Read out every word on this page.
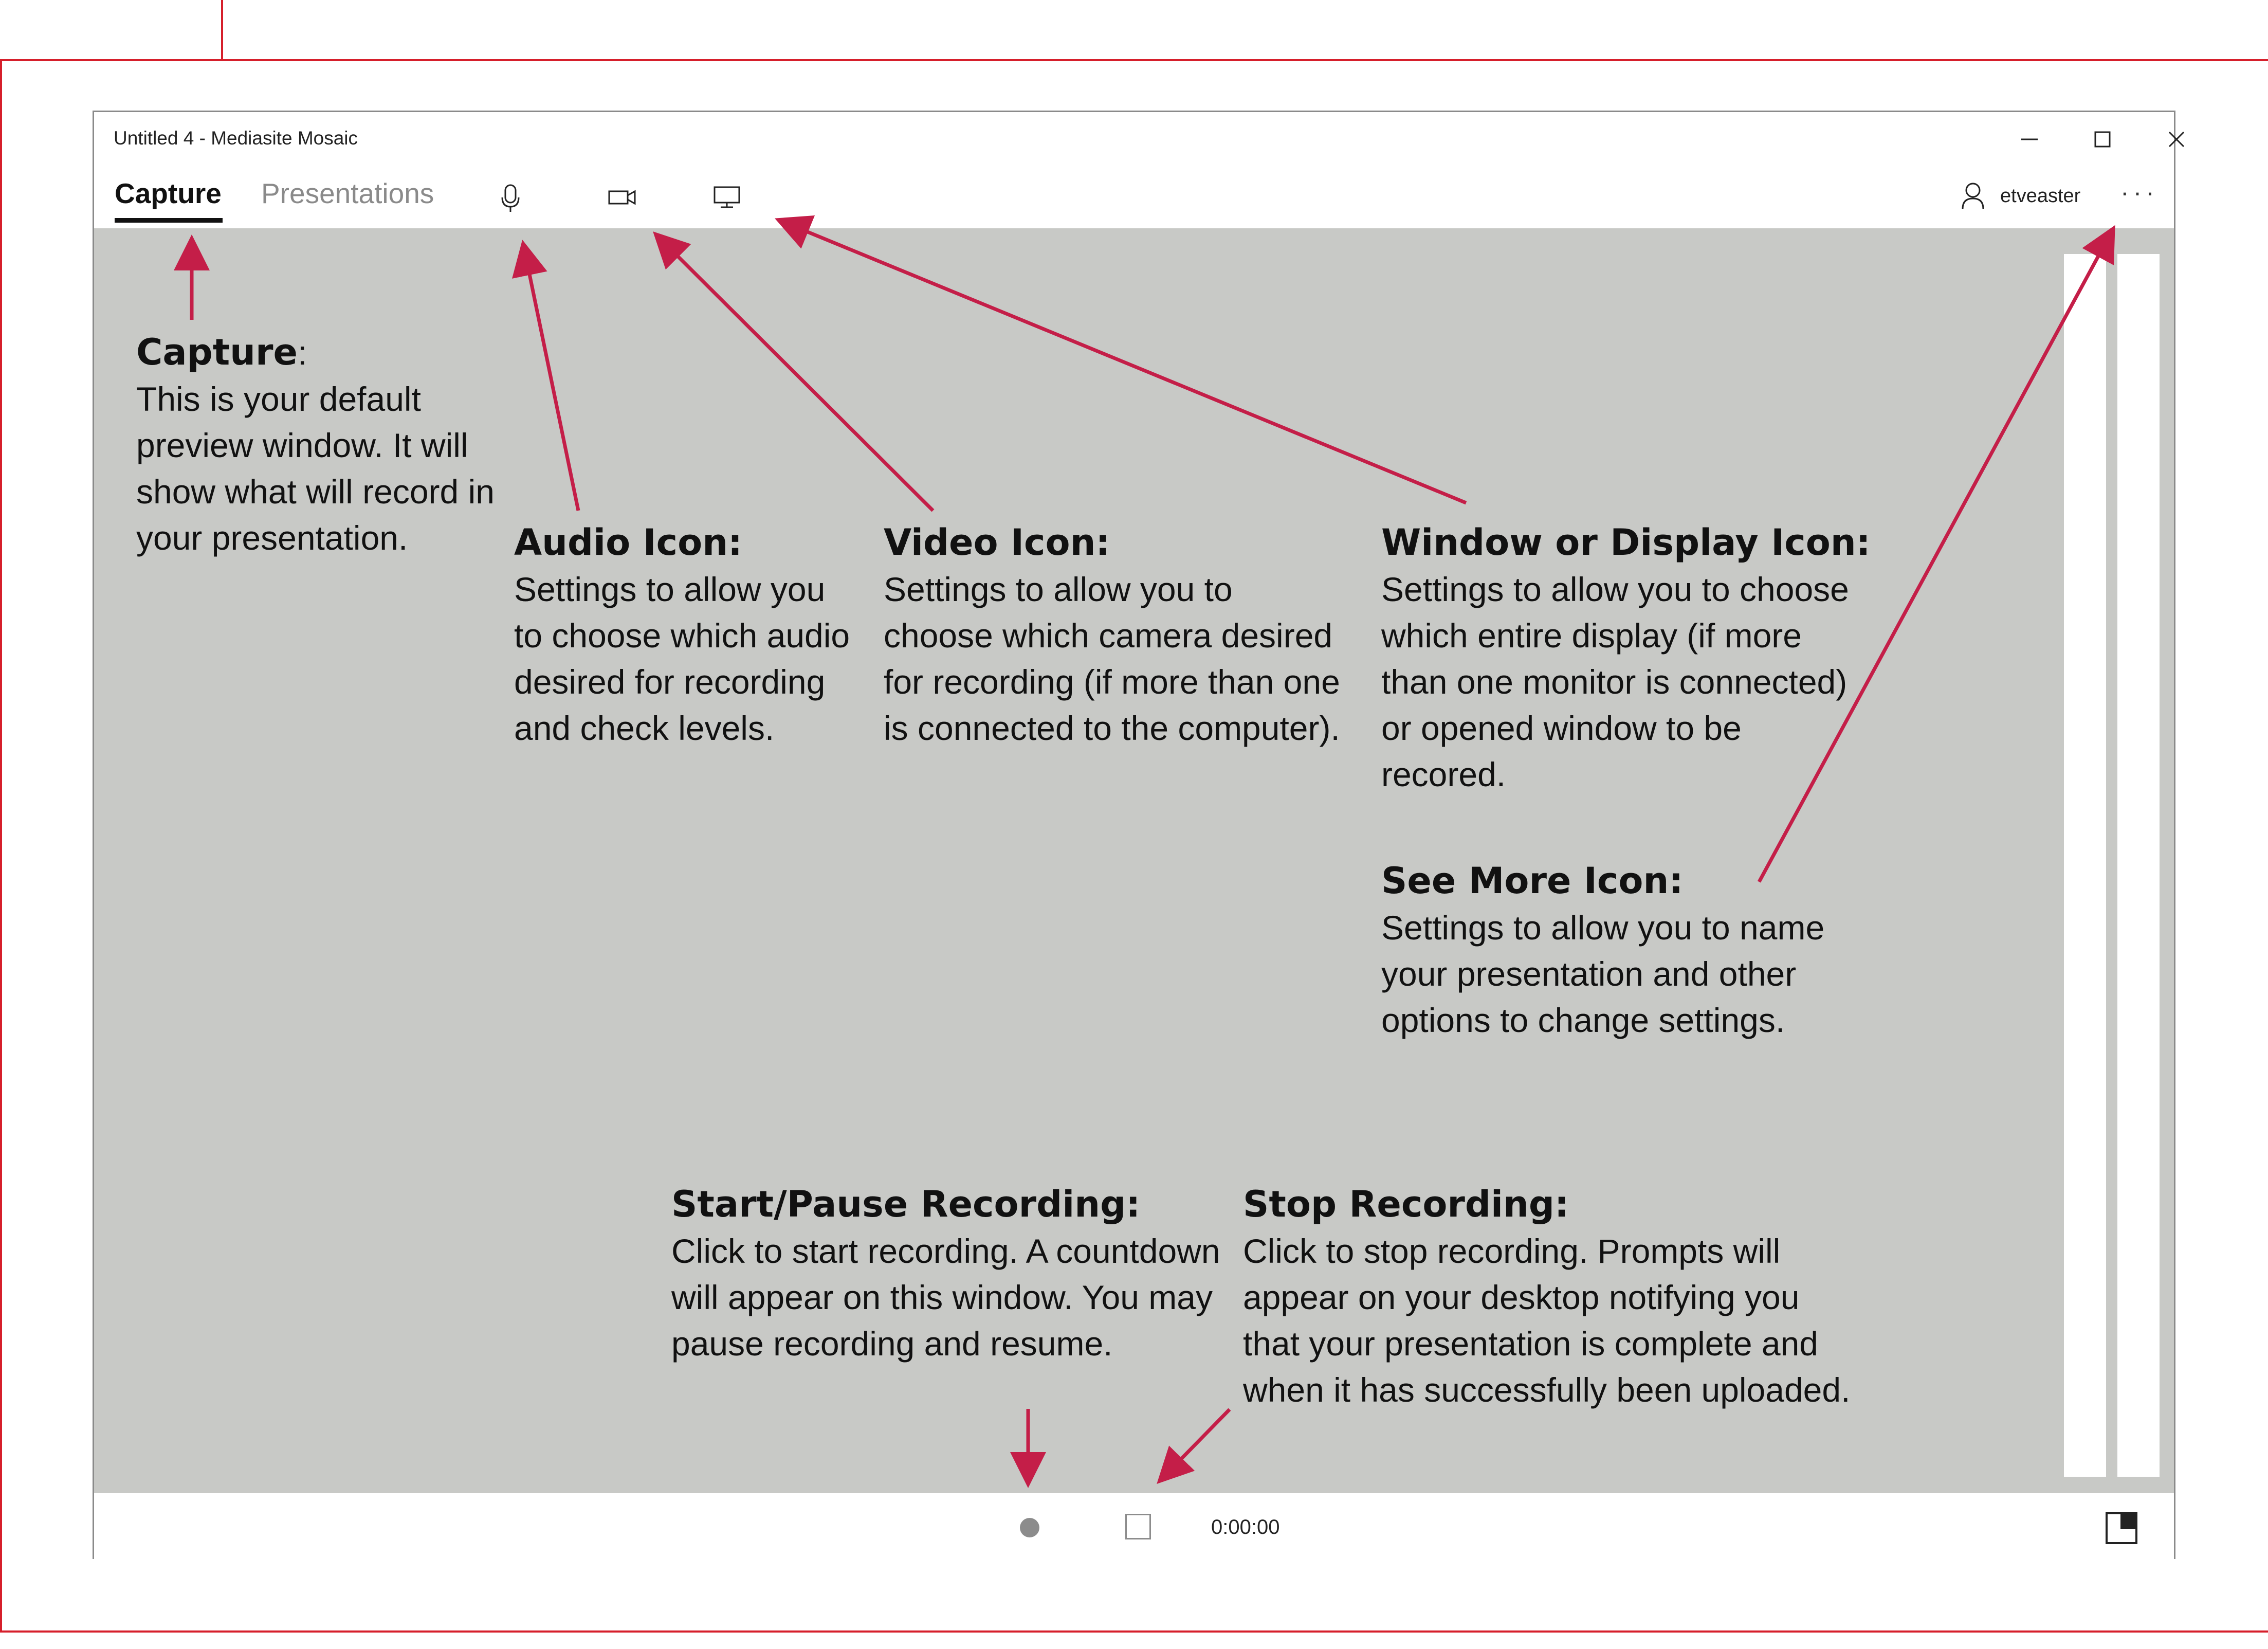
Untitled 4 - Mediasite Mosaic
Capture Presentations	etveaster ···
0:00:00
Capture:
This is your default
preview window. It will
show what will record in
your presentation.	Audio Icon:
Settings to allow you
to choose which audio
desired for recording
and check levels.
Video Icon:
Settings to allow you to
choose which camera desired
for recording (if more than one
is connected to the computer).
Window or Display Icon:
Settings to allow you to choose
which entire display (if more
than one monitor is connected)
or opened window to be
recored.
See More Icon:
Settings to allow you to name
your presentation and other
options to change settings.
Start/Pause Recording:
Click to start recording. A countdown
will appear on this window. You may
pause recording and resume.
Stop Recording:
Click to stop recording. Prompts will
appear on your desktop notifying you
that your presentation is complete and
when it has successfully been uploaded.
